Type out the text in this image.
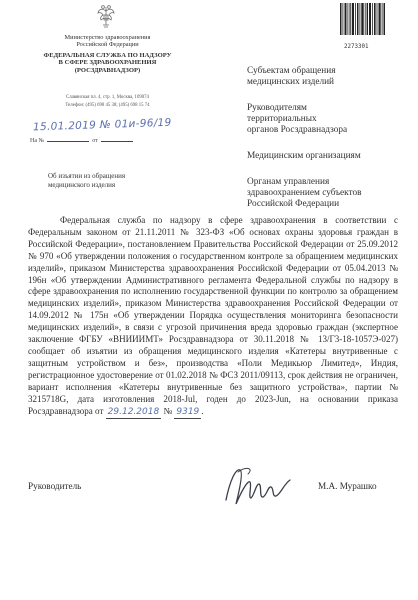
Министерство здравоохранения
Российской Федерации
ФЕДЕРАЛЬНАЯ СЛУЖБА ПО НАДЗОРУ
В СФЕРЕ ЗДРАВООХРАНЕНИЯ
(РОСЗДРАВНАДЗОР)
Славянская пл. 4, стр. 1, Москва, 109074
Телефон: (495) 698 45 38; (495) 698 15 74
15.01.2019 № 01и-96/19
На №	от
Об изъятии из обращения медицинского изделия
2273301
Субъектам обращения
медицинских изделий
Руководителям
территориальных
органов Росздравнадзора
Медицинским организациям
Органам управления
здравоохранением субъектов
Российской Федерации
Федеральная служба по надзору в сфере здравоохранения в соответствии с Федеральным законом от 21.11.2011 № 323-ФЗ «Об основах охраны здоровья граждан в Российской Федерации», постановлением Правительства Российской Федерации от 25.09.2012 № 970 «Об утверждении положения о государственном контроле за обращением медицинских изделий», приказом Министерства здравоохранения Российской Федерации от 05.04.2013 № 196н «Об утверждении Административного регламента Федеральной службы по надзору в сфере здравоохранения по исполнению государственной функции по контролю за обращением медицинских изделий», приказом Министерства здравоохранения Российской Федерации от 14.09.2012 № 175н «Об утверждении Порядка осуществления мониторинга безопасности медицинских изделий», в связи с угрозой причинения вреда здоровью граждан (экспертное заключение ФГБУ «ВНИИИМТ» Росздравнадзора от 30.11.2018 № 13/Г3-18-1057Э-027) сообщает об изъятии из обращения медицинского изделия «Катетеры внутривенные с защитным устройством и без», производства «Поли Медикьюр Лимитед», Индия, регистрационное удостоверение от 01.02.2018 № ФСЗ 2011/09113, срок действия не ограничен, вариант исполнения «Катетеры внутривенные без защитного устройства», партии № 3215718G, дата изготовления 2018-Jul, годен до 2023-Jun, на основании приказа Росздравнадзора от 29.12.2018 № 9319 .
Руководитель	М.А. Мурашко
